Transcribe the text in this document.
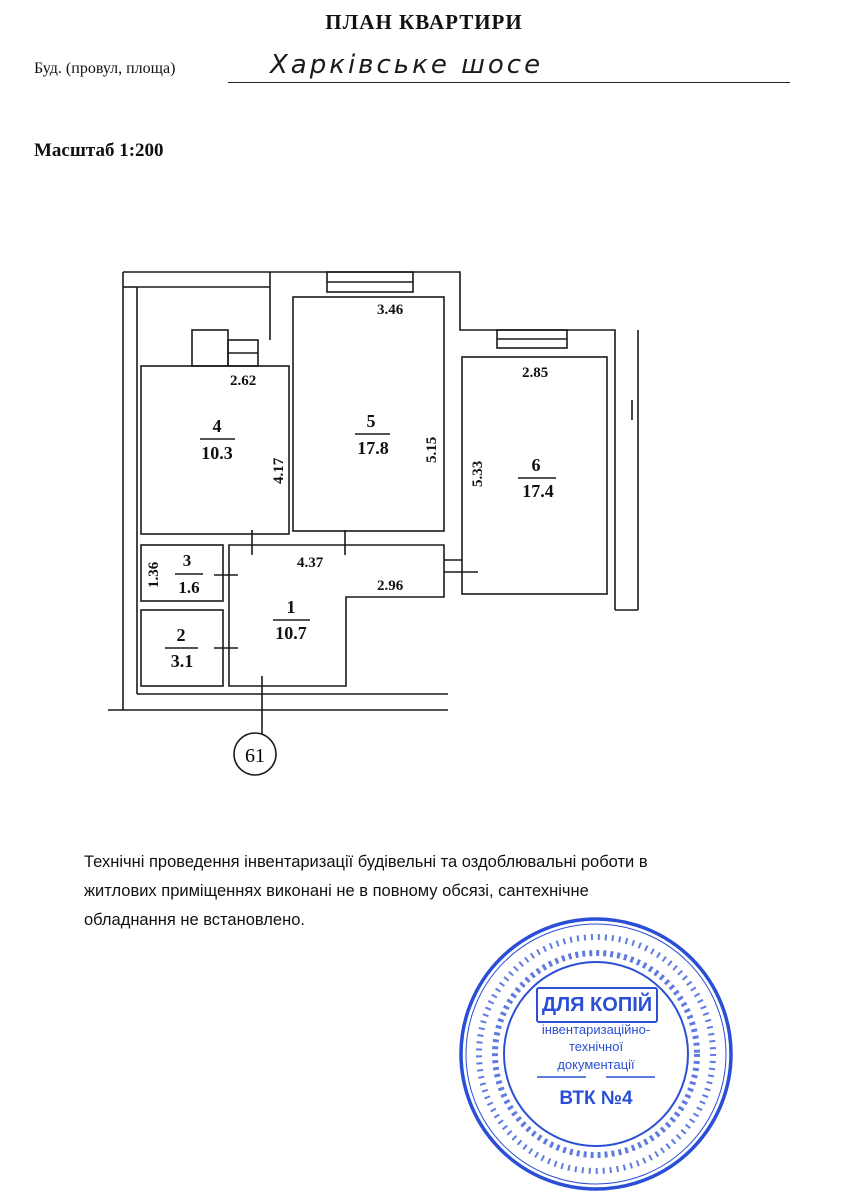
ПЛАН КВАРТИРИ
Буд. (провул, площа)	Харківське шосе
Масштаб 1:200
61
4
10.3
5
17.8
6
17.4
1
10.7
2
3.1
3
1.6
3.46
2.62	2.85
4.37
2.96
4.17
5.15
5.33
1.36
Технічні проведення інвентаризації будівельні та оздоблювальні роботи в
житлових приміщеннях виконані не в повному обсязі, сантехнічне
обладнання не встановлено.
ДЛЯ КОПІЙ
інвентаризаційно-
технічної
документації
ВТК №4
